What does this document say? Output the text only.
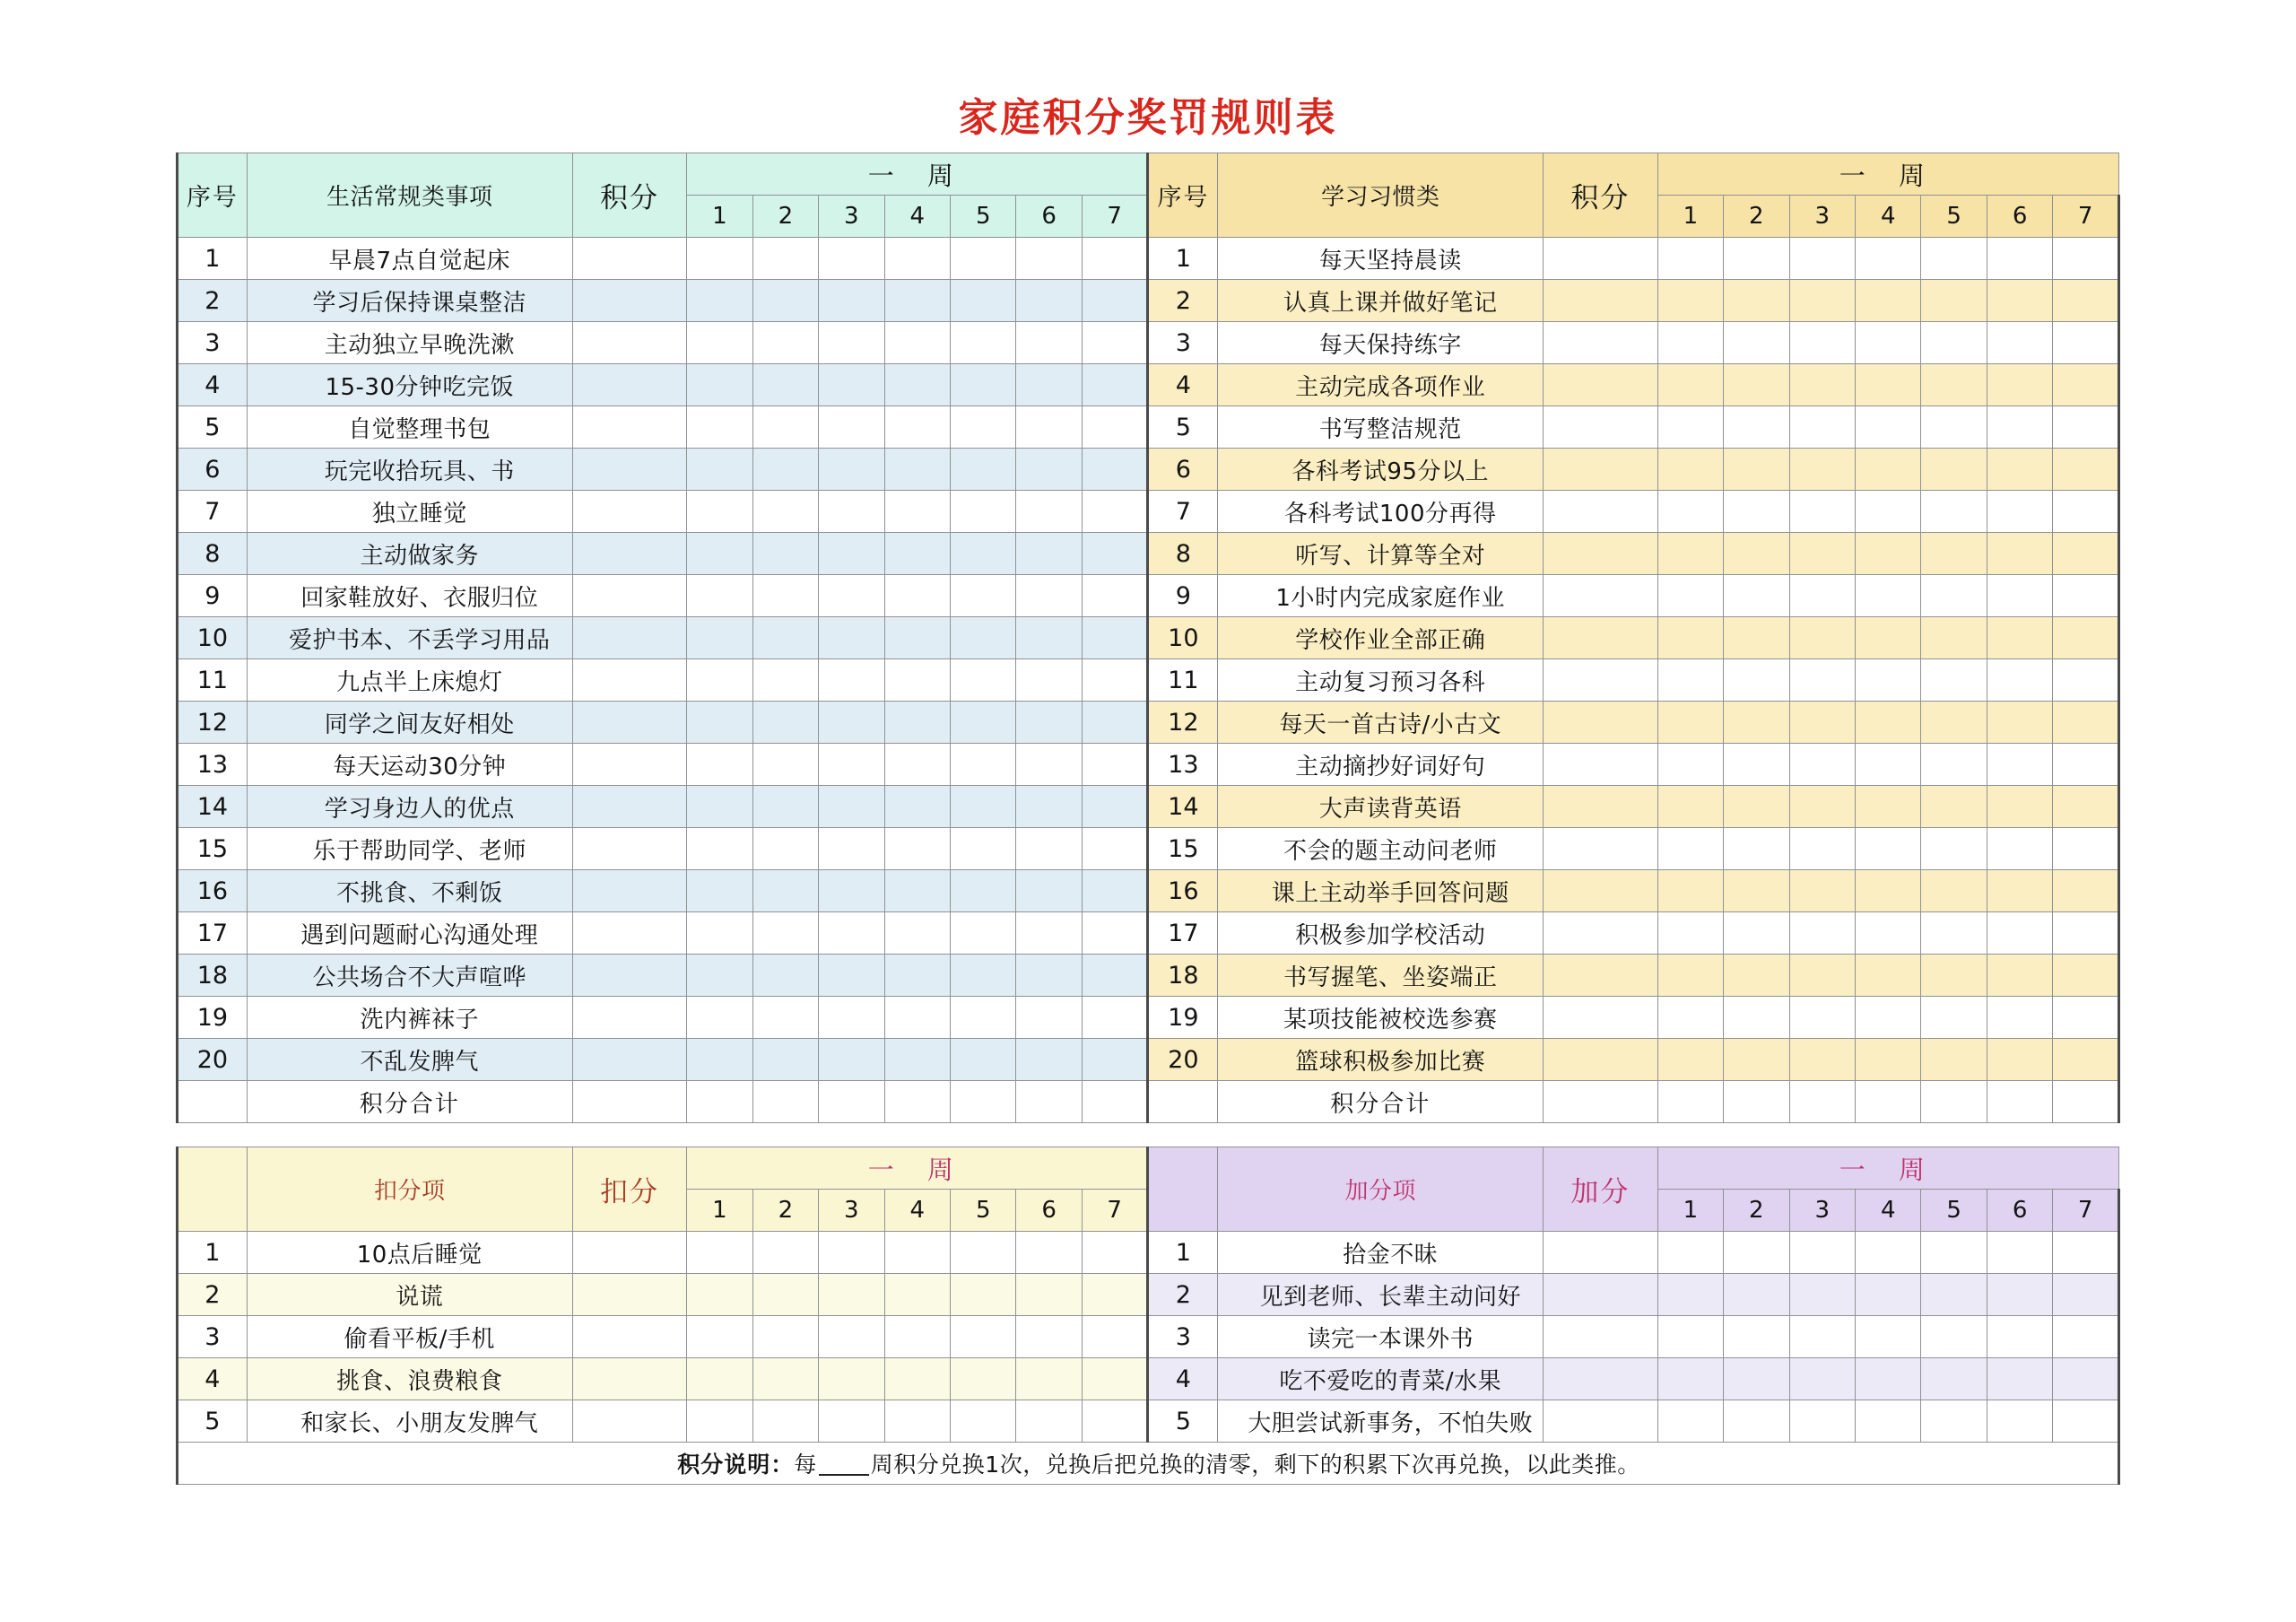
家庭积分奖罚规则表
序号	生活常规类事项	积分	一 周							序号	学习习惯类	积分	一 周						
			1	2	3	4	5	6	7				1	2	3	4	5	6	7
1	早晨7点自觉起床									1	每天坚持晨读								
2	学习后保持课桌整洁									2	认真上课并做好笔记								
3	主动独立早晚洗漱									3	每天保持练字								
4	15-30分钟吃完饭									4	主动完成各项作业								
5	自觉整理书包									5	书写整洁规范								
6	玩完收拾玩具、书									6	各科考试95分以上								
7	独立睡觉									7	各科考试100分再得								
8	主动做家务									8	听写、计算等全对								
9	回家鞋放好、衣服归位									9	1小时内完成家庭作业								
10	爱护书本、不丢学习用品									10	学校作业全部正确								
11	九点半上床熄灯									11	主动复习预习各科								
12	同学之间友好相处									12	每天一首古诗/小古文								
13	每天运动30分钟									13	主动摘抄好词好句								
14	学习身边人的优点									14	大声读背英语								
15	乐于帮助同学、老师									15	不会的题主动问老师								
16	不挑食、不剩饭									16	课上主动举手回答问题								
17	遇到问题耐心沟通处理									17	积极参加学校活动								
18	公共场合不大声喧哗									18	书写握笔、坐姿端正								
19	洗内裤袜子									19	某项技能被校选参赛								
20	不乱发脾气									20	篮球积极参加比赛								
	积分合计										积分合计								
	扣分项	扣分	一 周								加分项	加分	一 周						
			1	2	3	4	5	6	7				1	2	3	4	5	6	7
1	10点后睡觉									1	拾金不昧								
2	说谎									2	见到老师、长辈主动问好								
3	偷看平板/手机									3	读完一本课外书								
4	挑食、浪费粮食									4	吃不爱吃的青菜/水果								
5	和家长、小朋友发脾气									5	大胆尝试新事务，不怕失败								
积分说明：每 周积分兑换1次，兑换后把兑换的清零，剩下的积累下次再兑换，以此类推。																			
